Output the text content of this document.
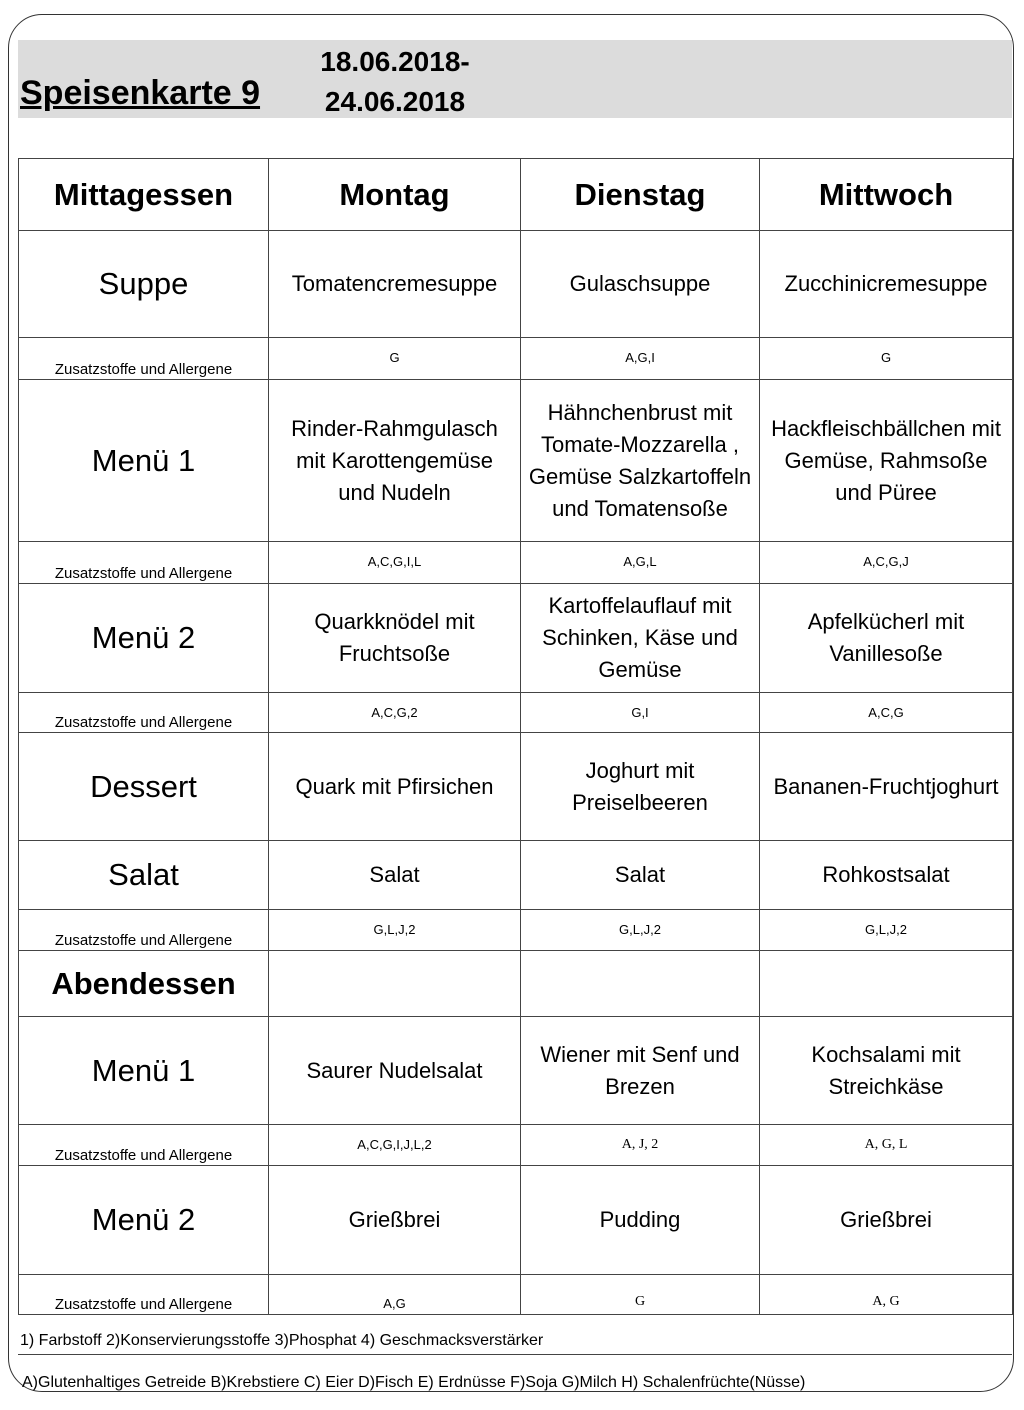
Speisenkarte 9
18.06.2018-
24.06.2018
Mittagessen	Montag	Dienstag	Mittwoch
Suppe	Tomatencremesuppe	Gulaschsuppe	Zucchinicremesuppe
Zusatzstoffe und Allergene	G	A,G,I	G
Menü 1	Rinder-Rahmgulasch mit Karottengemüse und Nudeln	Hähnchenbrust mit Tomate-Mozzarella , Gemüse Salzkartoffeln und Tomatensoße	Hackfleischbällchen mit Gemüse, Rahmsoße und Püree
Zusatzstoffe und Allergene	A,C,G,I,L	A,G,L	A,C,G,J
Menü 2	Quarkknödel mit Fruchtsoße	Kartoffelauflauf mit Schinken, Käse und Gemüse	Apfelkücherl mit Vanillesoße
Zusatzstoffe und Allergene	A,C,G,2	G,I	A,C,G
Dessert	Quark mit Pfirsichen	Joghurt mit Preiselbeeren	Bananen-Fruchtjoghurt
Salat	Salat	Salat	Rohkostsalat
Zusatzstoffe und Allergene	G,L,J,2	G,L,J,2	G,L,J,2
Abendessen			
Menü 1	Saurer Nudelsalat	Wiener mit Senf und Brezen	Kochsalami mit Streichkäse
Zusatzstoffe und Allergene	A,C,G,I,J,L,2	A, J, 2	A, G, L
Menü 2	Grießbrei	Pudding	Grießbrei
Zusatzstoffe und Allergene	A,G	G	A, G
1) Farbstoff 2)Konservierungsstoffe 3)Phosphat 4) Geschmacksverstärker
A)Glutenhaltiges Getreide B)Krebstiere C) Eier D)Fisch E) Erdnüsse F)Soja G)Milch H) Schalenfrüchte(Nüsse)
